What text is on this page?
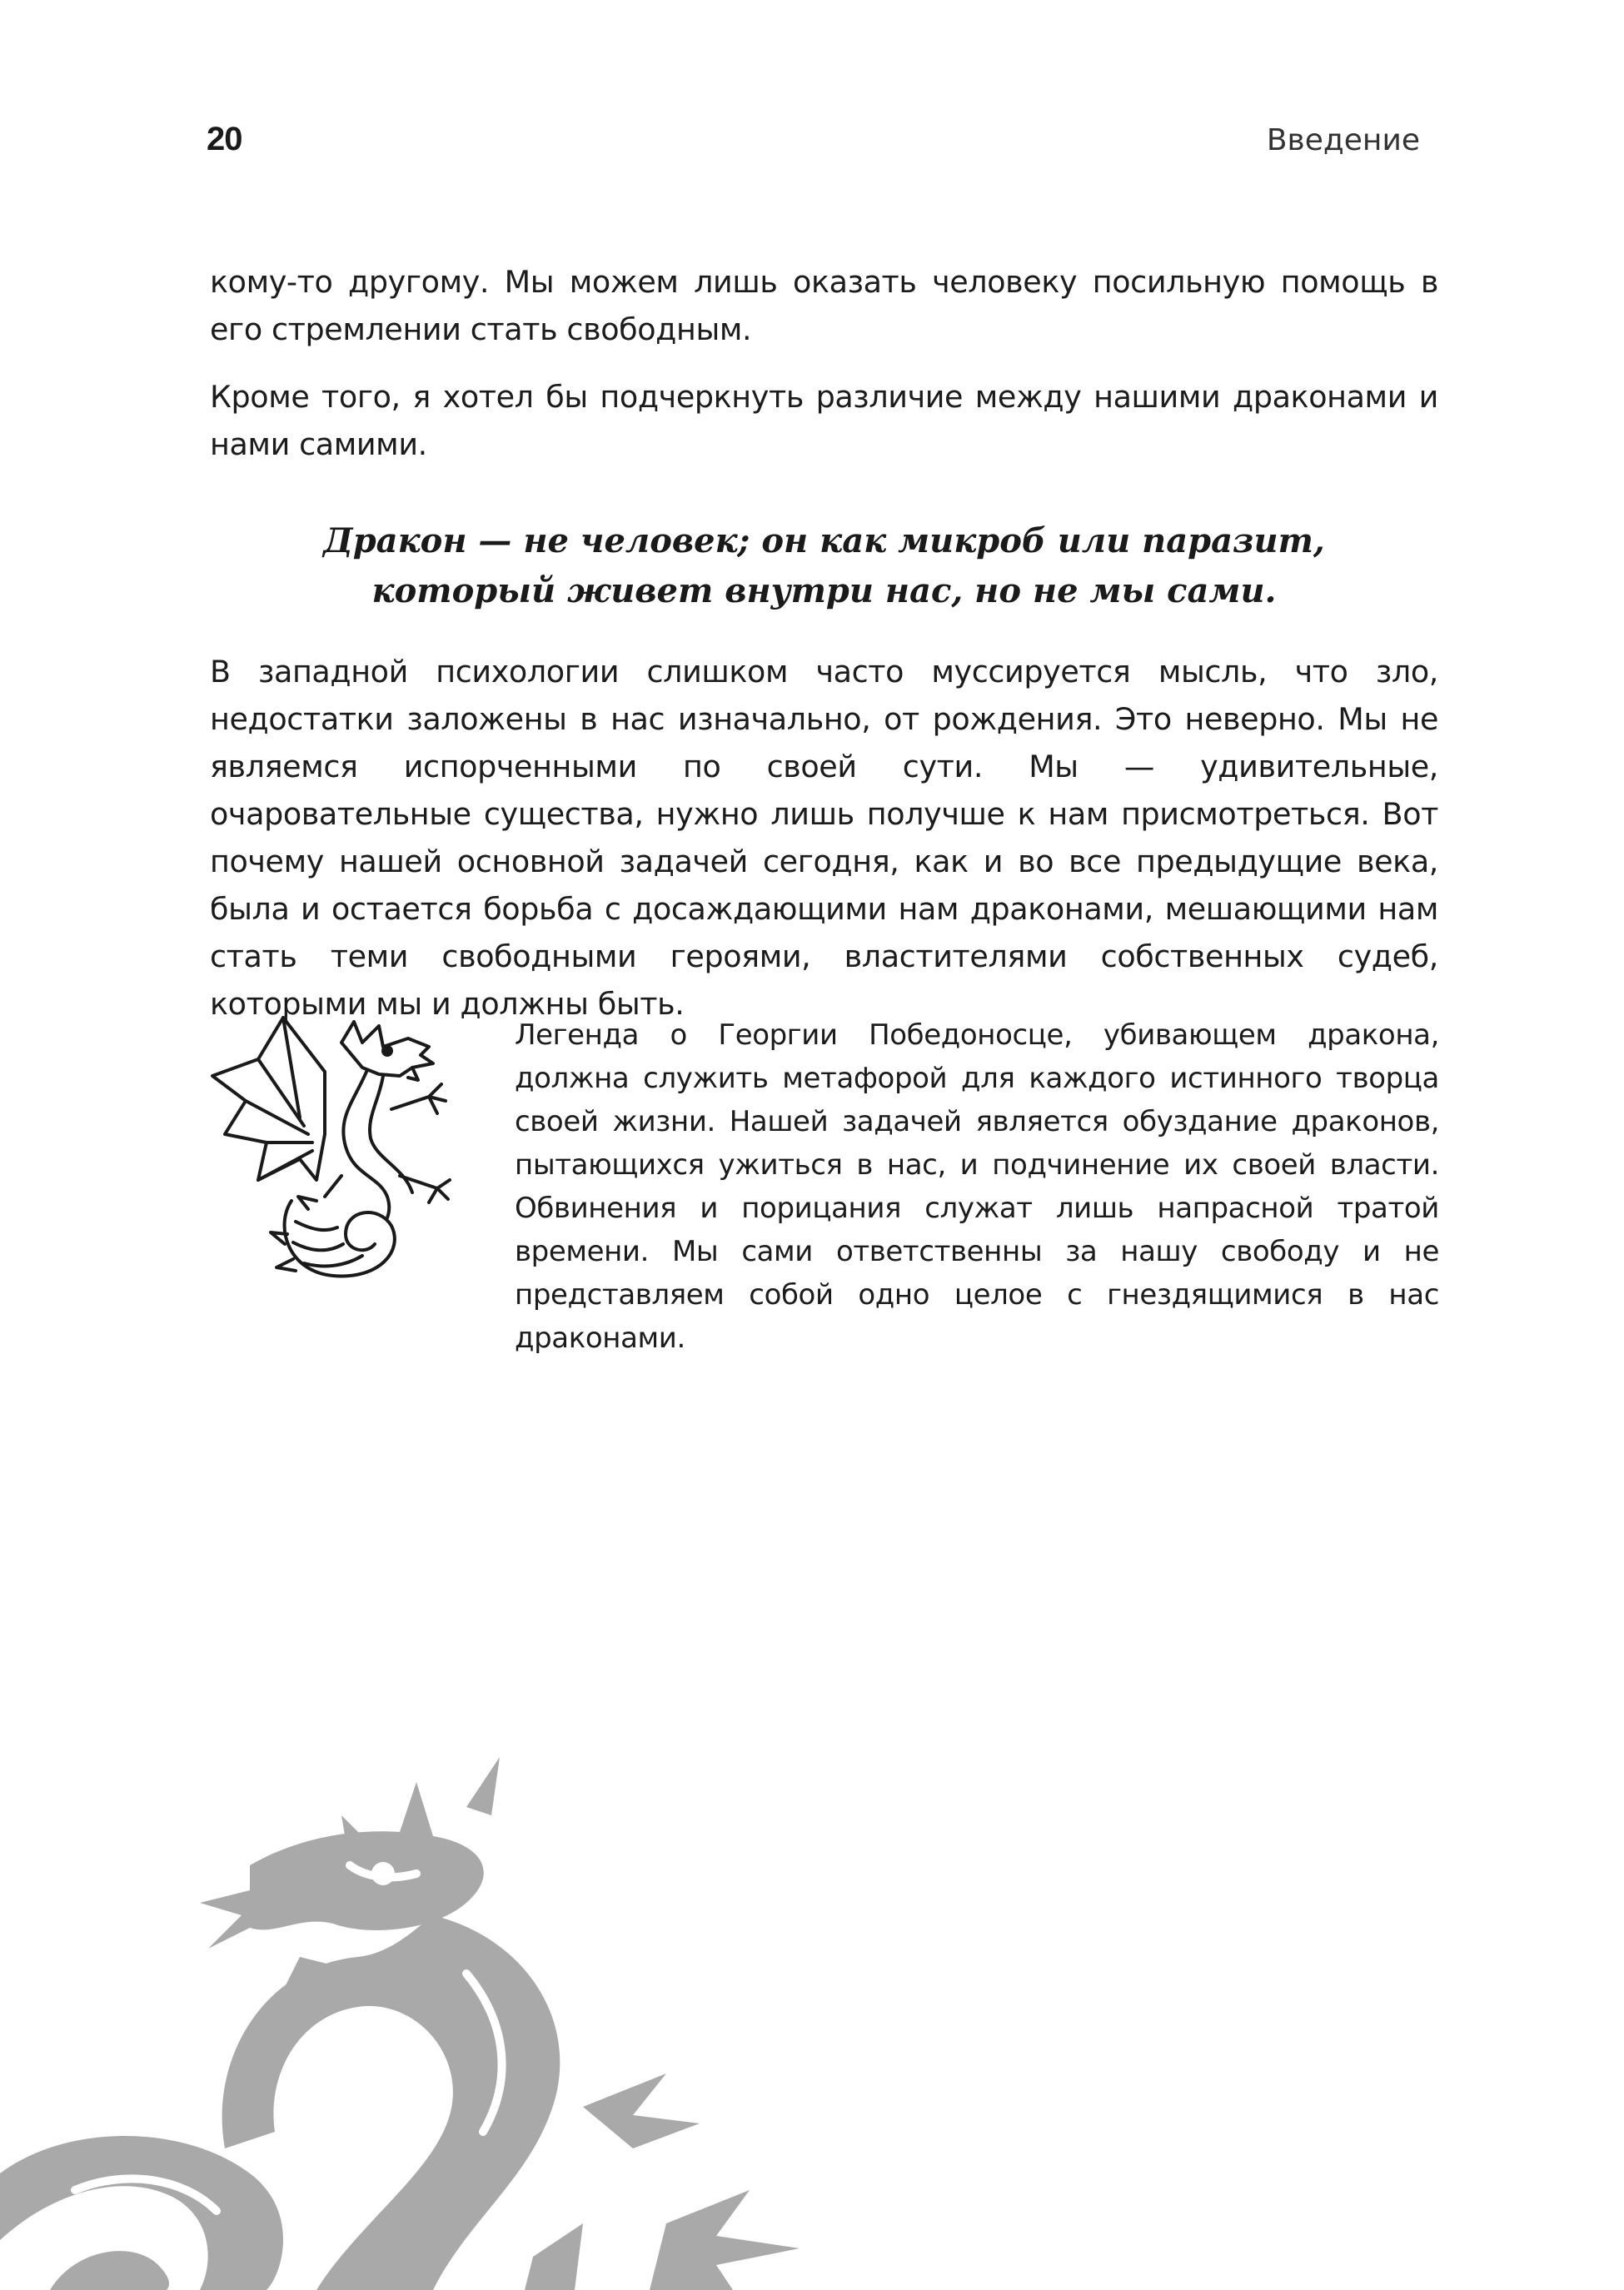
20	Введение

кому-то другому. Мы можем лишь оказать человеку посильную помощь в его стремлении стать свободным.

Кроме того, я хотел бы подчеркнуть различие между нашими драконами и нами самими.

Дракон — не человек; он как микроб или паразит,
который живет внутри нас, но не мы сами.

В западной психологии слишком часто муссируется мысль, что зло, недостатки заложены в нас изначально, от рождения. Это неверно. Мы не являемся испорченными по своей сути. Мы — удивительные, очаровательные существа, нужно лишь получше к нам присмотреться. Вот почему нашей основной задачей сегодня, как и во все предыдущие века, была и остается борьба с досаждающими нам драконами, мешающими нам стать теми свободными героями, властителями собственных судеб, которыми мы и должны быть.

Легенда о Георгии Победоносце, убивающем дракона, должна служить метафорой для каждого истинного творца своей жизни. Нашей задачей является обуздание драконов, пытающихся ужиться в нас, и подчинение их своей власти. Обвинения и порицания служат лишь напрасной тратой времени. Мы сами ответственны за нашу свободу и не представляем собой одно целое с гнездящимися в нас драконами.
